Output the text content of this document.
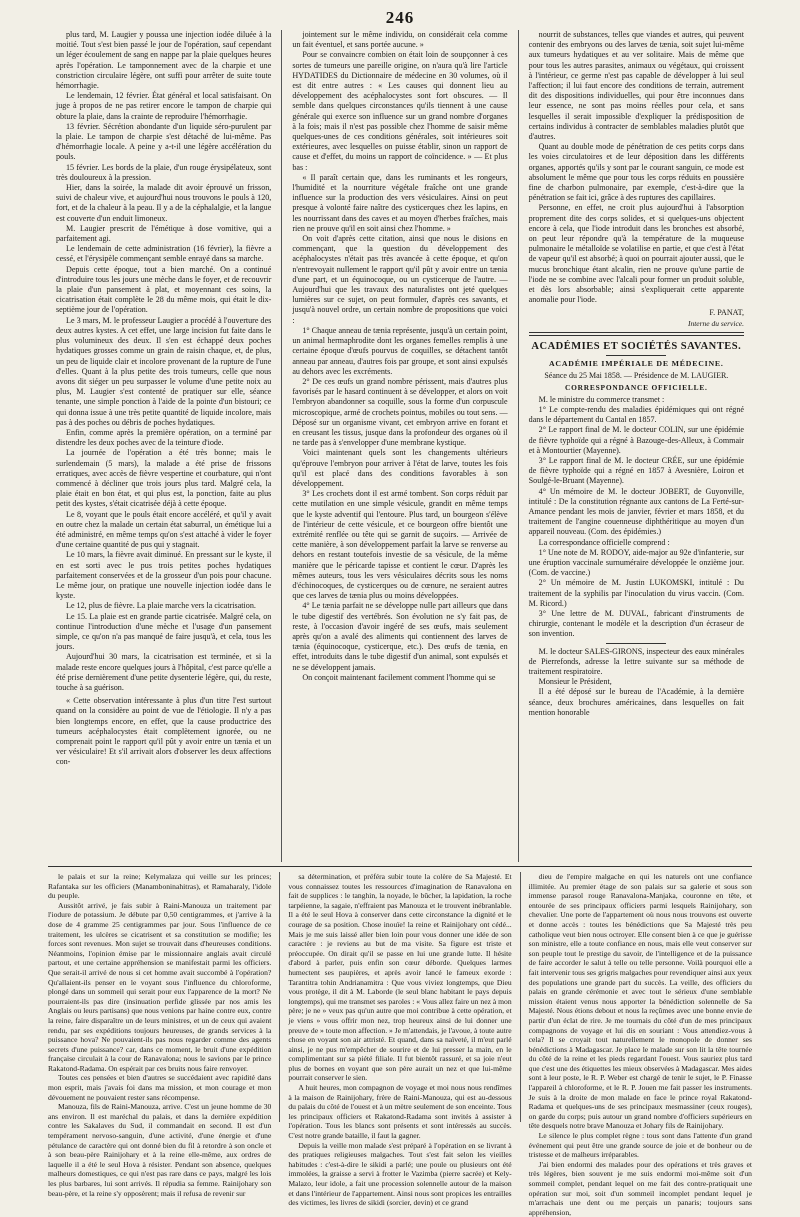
246

plus tard, M. Laugier y poussa une injection iodée diluée à la moitié. Tout s'est bien passé le jour de l'opération, sauf cependant un léger écoulement de sang en nappe par la plaie quelques heures après l'opération. Le tamponnement avec de la charpie et une constriction circulaire légère, ont suffi pour arrêter de suite toute hémorrhagie.

Le lendemain, 12 février. État général et local satisfaisant. On juge à propos de ne pas retirer encore le tampon de charpie qui obture la plaie, dans la crainte de reproduire l'hémorrhagie.

13 février. Sécrétion abondante d'un liquide séro-purulent par la plaie. Le tampon de charpie s'est détaché de lui-même. Pas d'hémorrhagie locale. A peine y a-t-il une légère accélération du pouls.

15 février. Les bords de la plaie, d'un rouge érysipélateux, sont très douloureux à la pression.

Hier, dans la soirée, la malade dit avoir éprouvé un frisson, suivi de chaleur vive, et aujourd'hui nous trouvons le pouls à 120, fort, et de la chaleur à la peau. Il y a de la céphalalgie, et la langue est couverte d'un enduit limoneux.

M. Laugier prescrit de l'émétique à dose vomitive, qui a parfaitement agi.

Le lendemain de cette administration (16 février), la fièvre a cessé, et l'érysipèle commençant semble enrayé dans sa marche.

Depuis cette époque, tout a bien marché. On a continué d'introduire tous les jours une mèche dans le foyer, et de recouvrir la plaie d'un pansement à plat, et moyennant ces soins, la cicatrisation était complète le 28 du même mois, qui était le dix-septième jour de l'opération.

Le 3 mars, M. le professeur Laugier a procédé à l'ouverture des deux autres kystes. A cet effet, une large incision fut faite dans le plus volumineux des deux. Il s'en est échappé deux poches hydatiques grosses comme un grain de raisin chaque, et, de plus, un peu de liquide clair et incolore provenant de la rupture de l'une d'elles. Quant à la plus petite des trois tumeurs, celle que nous avons dit siéger un peu surpasser le volume d'une petite noix au plus, M. Laugier s'est contenté de pratiquer sur elle, séance tenante, une simple ponction à l'aide de la pointe d'un bistouri; ce qui donna issue à une très petite quantité de liquide incolore, mais pas à des poches ou débris de poches hydatiques.

Enfin, comme après la première opération, on a terminé par distendre les deux poches avec de la teinture d'iode.

La journée de l'opération a été très bonne; mais le surlendemain (5 mars), la malade a été prise de frissons erratiques, avec accès de fièvre vespertine et courbature, qui n'ont commencé à décliner que trois jours plus tard. Malgré cela, la plaie était en bon état, et qui plus est, la ponction, faite au plus petit des kystes, s'était cicatrisée déjà à cette époque.

Le 8, voyant que le pouls était encore accéléré, et qu'il y avait en outre chez la malade un certain état saburral, un émétique lui a été administré, en même temps qu'on s'est attaché à vider le foyer d'une certaine quantité de pus qui y stagnait.

Le 10 mars, la fièvre avait diminué. En pressant sur le kyste, il en est sorti avec le pus trois petites poches hydatiques parfaitement conservées et de la grosseur d'un pois pour chacune. Le même jour, on pratique une nouvelle injection iodée dans le kyste.

Le 12, plus de fièvre. La plaie marche vers la cicatrisation.

Le 15. La plaie est en grande partie cicatrisée. Malgré cela, on continue l'introduction d'une mèche et l'usage d'un pansement simple, ce qu'on n'a pas manqué de faire jusqu'à, et cela, tous les jours.

Aujourd'hui 30 mars, la cicatrisation est terminée, et si la malade reste encore quelques jours à l'hôpital, c'est parce qu'elle a été prise dernièrement d'une petite dysenterie légère, qui, du reste, touche à sa guérison.

« Cette observation intéressante à plus d'un titre l'est surtout quand on la considère au point de vue de l'étiologie. Il n'y a pas bien longtemps encore, en effet, que la cause productrice des tumeurs acéphalocystes était complètement ignorée, ou ne comprenait point le rapport qu'il pût y avoir entre un tænia et un ver vésiculaire! Et s'il arrivait alors d'observer les deux affections con-

jointement sur le même individu, on considérait cela comme un fait éventuel, et sans portée aucune. »

Pour se convaincre combien on était loin de soupçonner à ces sortes de tumeurs une pareille origine, on n'aura qu'à lire l'article HYDATIDES du Dictionnaire de médecine en 30 volumes, où il est dit entre autres : « Les causes qui donnent lieu au développement des acéphalocystes sont fort obscures. — Il semble dans quelques circonstances qu'ils tiennent à une cause générale qui exerce son influence sur un grand nombre d'organes à la fois; mais il n'est pas possible chez l'homme de saisir même quelques-unes de ces conditions générales, soit intérieures soit extérieures, avec lesquelles on puisse établir, sinon un rapport de cause et d'effet, du moins un rapport de coïncidence. » — Et plus bas :

« Il paraît certain que, dans les ruminants et les rongeurs, l'humidité et la nourriture végétale fraîche ont une grande influence sur la production des vers vésiculaires. Ainsi on peut presque à volonté faire naître des cysticerques chez les lapins, en les nourrissant dans des caves et au moyen d'herbes fraîches, mais rien ne prouve qu'il en soit ainsi chez l'homme. »

On voit d'après cette citation, ainsi que nous le disions en commençant, que la question du développement des acéphalocystes n'était pas très avancée à cette époque, et qu'on n'entrevoyait nullement le rapport qu'il pût y avoir entre un tænia d'une part, et un équinocoque, ou un cysticerque de l'autre. — Aujourd'hui que les travaux des naturalistes ont jeté quelques lumières sur ce sujet, on peut formuler, d'après ces savants, et jusqu'à nouvel ordre, un certain nombre de propositions que voici :

1° Chaque anneau de tænia représente, jusqu'à un certain point, un animal hermaphrodite dont les organes femelles remplis à une certaine époque d'œufs pourvus de coquilles, se détachent tantôt anneau par anneau, d'autres fois par groupe, et sont ainsi expulsés au dehors avec les excréments.

2° De ces œufs un grand nombre périssent, mais d'autres plus favorisés par le hasard continuent à se développer, et alors on voit l'embryon abandonner sa coquille, sous la forme d'un corpuscule microscopique, armé de crochets pointus, mobiles ou tout sens. — Déposé sur un organisme vivant, cet embryon arrive en forant et en creusant les tissus, jusque dans la profondeur des organes où il ne tarde pas à s'envelopper d'une membrane kystique.

Voici maintenant quels sont les changements ultérieurs qu'éprouve l'embryon pour arriver à l'état de larve, toutes les fois qu'il est placé dans des conditions favorables à son développement.

3° Les crochets dont il est armé tombent. Son corps réduit par cette mutilation en une simple vésicule, grandit en même temps que le kyste adventif qui l'entoure. Plus tard, un bourgeon s'élève de l'intérieur de cette vésicule, et ce bourgeon offre bientôt une extrémité renflée ou tête qui se garnit de suçoirs. — Arrivée de cette manière, à son développement parfait la larve se renverse au dehors en restant toutefois investie de sa vésicule, de la même manière que le péricarde tapisse et contient le cœur. D'après les mêmes auteurs, tous les vers vésiculaires décrits sous les noms d'échinocoques, de cysticerques ou de cœnure, ne seraient autres que ces larves de tænia plus ou moins développées.

4° Le tænia parfait ne se développe nulle part ailleurs que dans le tube digestif des vertébrés. Son évolution ne s'y fait pas, de reste, à l'occasion d'avoir ingéré de ses œufs, mais seulement après qu'on a avalé des aliments qui contiennent des larves de tænia (équinocoque, cysticerque, etc.). Des œufs de tænia, en effet, introduits dans le tube digestif d'un animal, sont expulsés et ne se développent jamais.

On conçoit maintenant facilement comment l'homme qui se

nourrit de substances, telles que viandes et autres, qui peuvent contenir des embryons ou des larves de tænia, soit sujet lui-même aux tumeurs hydatiques et au ver solitaire. Mais de même que pour tous les autres parasites, animaux ou végétaux, qui croissent à l'intérieur, ce germe n'est pas capable de développer à lui seul l'affection; il lui faut encore des conditions de terrain, autrement dit des dispositions individuelles, qui pour être inconnues dans leur essence, ne sont pas moins réelles pour cela, et sans lesquelles il serait impossible d'expliquer la prédisposition de certains individus à contracter de semblables maladies plutôt que d'autres.

Quant au double mode de pénétration de ces petits corps dans les voies circulatoires et de leur déposition dans les différents organes, apportés qu'ils y sont par le courant sanguin, ce mode est absolument le même que pour tous les corps réduits en poussière fine de charbon pulmonaire, par exemple, c'est-à-dire que la pénétration se fait ici, grâce à des ruptures des capillaires.

Personne, en effet, ne croit plus aujourd'hui à l'absorption proprement dite des corps solides, et si quelques-uns objectent encore à cela, que l'iode introduit dans les bronches est absorbé, on peut leur répondre qu'à la température de la muqueuse pulmonaire le métalloïde se volatilise en partie, et que c'est à l'état de vapeur qu'il est absorbé; à quoi on pourrait ajouter aussi, que le mucus bronchique étant alcalin, rien ne prouve qu'une partie de l'iode ne se combine avec l'alcali pour former un produit soluble, et dès lors absorbable; ainsi s'expliquerait cette apparente anomalie pour l'iode.

F. PANAT,
Interne du service.
ACADÉMIES ET SOCIÉTÉS SAVANTES.
ACADÉMIE IMPÉRIALE DE MÉDECINE.
Séance du 25 Mai 1858. — Présidence de M. LAUGIER.
CORRESPONDANCE OFFICIELLE.

M. le ministre du commerce transmet :

1° Le compte-rendu des maladies épidémiques qui ont régné dans le département du Cantal en 1857.

2° Le rapport final de M. le docteur COLIN, sur une épidémie de fièvre typhoïde qui a régné à Bazouge-des-Alleux, à Commair et à Montourtier (Mayenne).

3° Le rapport final de M. le docteur CRÉE, sur une épidémie de fièvre typhoïde qui a régné en 1857 à Avesnière, Loiron et Soulgé-le-Bruant (Mayenne).

4° Un mémoire de M. le docteur JOBERT, de Guyonville, intitulé : De la constitution régnante aux cantons de La Ferté-sur-Amance pendant les mois de janvier, février et mars 1858, et du traitement de l'angine couenneuse diphthéritique au moyen d'un appareil nouveau. (Com. des épidémies.)

La correspondance officielle comprend :

1° Une note de M. RODOY, aide-major au 92e d'infanterie, sur une éruption vaccinale surnuméraire développée le onzième jour. (Com. de vaccine.)

2° Un mémoire de M. Justin LUKOMSKI, intitulé : Du traitement de la syphilis par l'inoculation du virus vaccin. (Com. M. Ricord.)

3° Une lettre de M. DUVAL, fabricant d'instruments de chirurgie, contenant le modèle et la description d'un écraseur de son invention.

M. le docteur SALES-GIRONS, inspecteur des eaux minérales de Pierrefonds, adresse la lettre suivante sur sa méthode de traitement respiratoire.

Monsieur le Président,

Il a été déposé sur le bureau de l'Académie, à la dernière séance, deux brochures américaines, dans lesquelles on fait mention honorable

le palais et sur la reine; Kelymalaza qui veille sur les princes; Rafantaka sur les officiers (Manamboninahitras), et Ramaharaly, l'idole du peuple.

Aussitôt arrivé, je fais subir à Raini-Manouza un traitement par l'iodure de potassium. Je débute par 0,50 centigrammes, et j'arrive à la dose de 4 gramme 25 centigrammes par jour. Sous l'influence de ce traitement, les ulcères se cicatrisent et sa constitution se modifie; les forces sont revenues. Mon sujet se trouvait dans d'heureuses conditions. Néanmoins, l'opinion émise par le missionnaire anglais avait circulé partout, et une certaine appréhension se manifestait parmi les officiers. Que serait-il arrivé de nous si cet homme avait succombé à l'opération? Qu'allaient-ils penser en le voyant sous l'influence du chloroforme, plongé dans un sommeil qui serait pour eux l'apparence de la mort? Ne pourraient-ils pas dire (insinuation perfide glissée par nos amis les Anglais ou leurs partisans) que nous venions par haine contre eux, contre la reine, faire disparaître un de leurs ministres, et un de ceux qui avaient rendu, par ses expéditions toujours heureuses, de grands services à la puissance hova? Ne pouvaient-ils pas nous regarder comme des agents secrets d'une puissance? car, dans ce moment, le bruit d'une expédition française circulait à la cour de Ranavalona; nous le savions par le prince Rakatond-Radama. On espérait par ces bruits nous faire renvoyer.

Toutes ces pensées et bien d'autres se succédaient avec rapidité dans mon esprit, mais j'avais foi dans ma mission, et mon courage et mon dévouement ne pouvaient rester sans récompense.

Manouza, fils de Raini-Manouza, arrive. C'est un jeune homme de 30 ans environ. Il est maréchal du palais, et dans la dernière expédition contre les Sakalaves du Sud, il commandait en second. Il est d'un tempérament nervoso-sanguin, d'une activité, d'une énergie et d'une pétulance de caractère qui ont donné bien du fil à retordre à son oncle et à son beau-père Rainijohary et à la reine elle-même, aux ordres de laquelle il a été le seul Hova à résister. Pendant son absence, quelques malheurs domestiques, ce qui n'est pas rare dans ce pays, malgré les lois les plus barbares, lui sont arrivés. Il répudia sa femme. Rainijohary son beau-père, et la reine s'y opposèrent; mais il refusa de revenir sur

sa détermination, et préféra subir toute la colère de Sa Majesté. Et vous connaissez toutes les ressources d'imagination de Ranavalona en fait de supplices : le tanghin, la noyade, le bûcher, la lapidation, la roche tarpéienne, la sagaie, n'effraient pas Manouza et le trouvent inébranlable. Il a été le seul Hova à conserver dans cette circonstance la dignité et le courage de sa position. Chose inouïe! la reine et Rainijohary ont cédé... Mais je me suis laissé aller bien loin pour vous donner une idée de son caractère : je reviens au but de ma visite. Sa figure est triste et préoccupée. On dirait qu'il se passe en lui une grande lutte. Il hésite d'abord à parler, puis enfin son cœur déborde. Quelques larmes humectent ses paupières, et après avoir lancé le fameux exorde : Tarantitra tohin Andrianamitra : Que vous viviez longtemps, que Dieu vous protège, il dit à M. Laborde (le seul blanc habitant le pays depuis longtemps), qui me transmet ses paroles : « Vous allez faire un nez à mon père; je ne » veux pas qu'un autre que moi contribue à cette opération, et je viens » vous offrir mon nez, trop heureux ainsi de lui donner une preuve de » toute mon affection. » Je m'attendais, je l'avoue, à toute autre chose en voyant son air attristé. Et quand, dans sa naïveté, il m'eut parlé ainsi, je ne pus m'empêcher de sourire et de lui presser la main, en le complimentant sur sa piété filiale. Il fut bientôt rassuré, et sa joie n'eut plus de bornes en voyant que son père aurait un nez et que lui-même pourrait conserver le sien.

A huit heures, mon compagnon de voyage et moi nous nous rendîmes à la maison de Rainijohary, frère de Raini-Manouza, qui est au-dessous du palais du côté de l'ouest et à un mètre seulement de son enceinte. Tous les principaux officiers et Rakatond-Radama sont invités à assister à l'opération. Tous les blancs sont présents et sont intéressés au succès. C'est notre grande bataille, il faut la gagner.

Depuis la veille mon malade s'est préparé à l'opération en se livrant à des pratiques religieuses malgaches. Tout s'est fait selon les vieilles habitudes : c'est-à-dire le sikidi a parlé; une poule ou plusieurs ont été immolées, la graisse a servi à frotter le Vazimba (pierre sacrée) et Kely-Malazo, leur idole, a fait une procession solennelle autour de la maison et dans l'intérieur de l'appartement. Ainsi nous sont propices les entrailles des victimes, les livres de sikidi (sorcier, devin) et ce grand

dieu de l'empire malgache en qui les naturels ont une confiance illimitée. Au premier étage de son palais sur sa galerie et sous son immense parasol rouge Ranavalona-Manjaka, couronne en tête, et entourée de ses principaux officiers parmi lesquels Rainijohary, son chevalier. Une porte de l'appartement où nous nous trouvons est ouverte et donne accès : toutes les bénédictions que Sa Majesté très peu catholique veut bien nous octroyer. Elle consent bien à ce que je guérisse son ministre, elle a toute confiance en nous, mais elle veut conserver sur son peuple tout le prestige du savoir, de l'intelligence et de la puissance de faire accorder le salut à telle ou telle personne. Voilà pourquoi elle a fait intervenir tous ses grigris malgaches pour revendiquer ainsi aux yeux des populations une grande part du succès. La veille, des officiers du palais en grande cérémonie et avec tout le sérieux d'une semblable mission étaient venus nous apporter la bénédiction solennelle de Sa Majesté. Nous étions debout et nous la reçûmes avec une bonne envie de partir d'un éclat de rire. Je me tournais du côté d'un de mes principaux compagnons de voyage et lui dis en souriant : Vous attendiez-vous à cela? Il se croyait tout naturellement le monopole de donner ses bénédictions à Madagascar. Je place le malade sur son lit la tête tournée du côté de la reine et les pieds regardant l'ouest. Vous sauriez plus tard que c'est une des étiquettes les mieux observées à Madagascar. Mes aides sont à leur poste, le R. P. Weber est chargé de tenir le sujet, le P. Finasse l'appareil à chloroforme, et le R. P. Jouen me fait passer les instruments. Je suis à la droite de mon malade en face le prince royal Rakatond-Radama et quelques-uns de ses principaux mesmassiner (ceux rouges), on garde du corps; puis autour un grand nombre d'officiers supérieurs en tête desquels notre brave Manouza et Johary fils de Rainijohary.

Le silence le plus complet règne : tous sont dans l'attente d'un grand événement qui peut être une grande source de joie et de bonheur ou de tristesse et de malheurs irréparables.

J'ai bien endormi des malades pour des opérations et très graves et très légères, bien souvent je me suis endormi moi-même soit d'un sommeil complet, pendant lequel on me fait des contre-pratiquait une opération sur moi, soit d'un sommeil incomplet pendant lequel je m'arrachais une dent ou me perçais un panaris; toujours sans appréhension,
